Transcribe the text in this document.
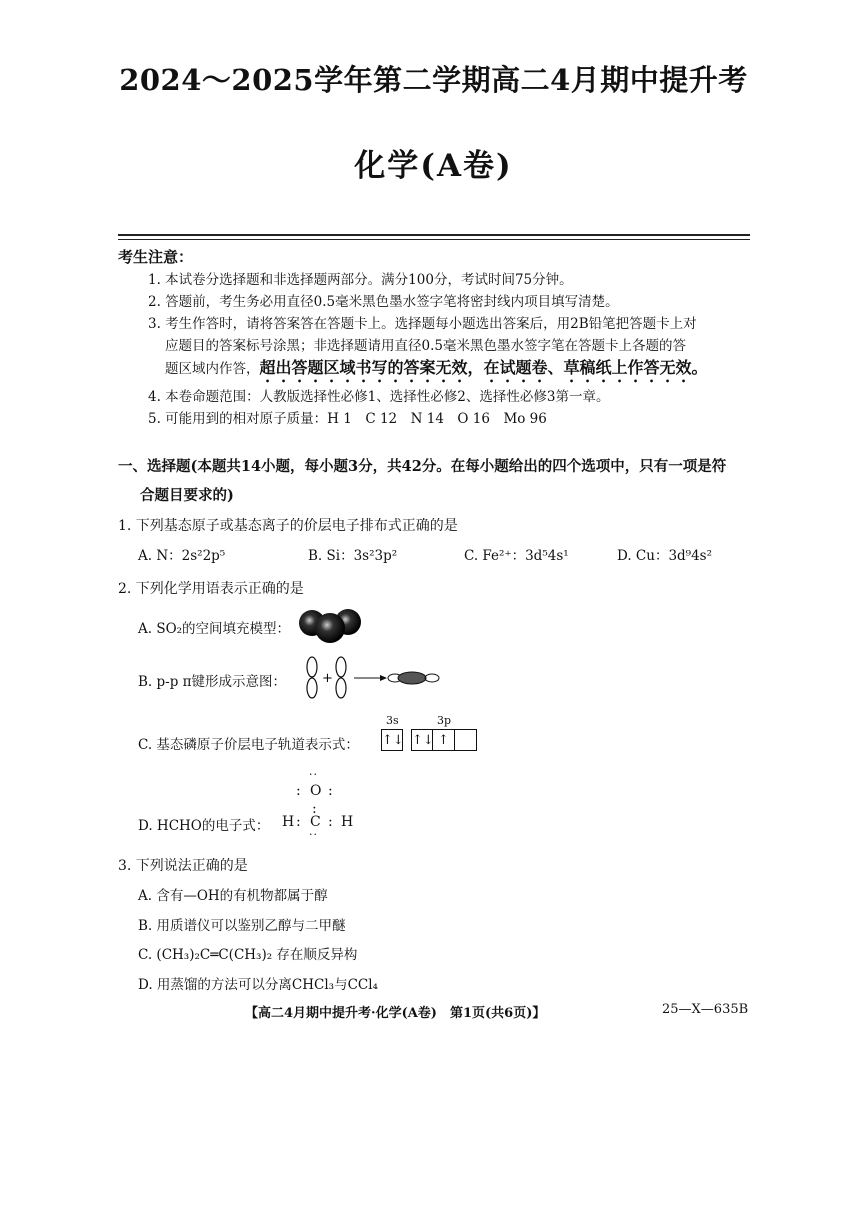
2024～2025学年第二学期高二4月期中提升考
化学(A卷)
考生注意：
1. 本试卷分选择题和非选择题两部分。满分100分，考试时间75分钟。
2. 答题前，考生务必用直径0.5毫米黑色墨水签字笔将密封线内项目填写清楚。
3. 考生作答时，请将答案答在答题卡上。选择题每小题选出答案后，用2B铅笔把答题卡上对
应题目的答案标号涂黑；非选择题请用直径0.5毫米黑色墨水签字笔在答题卡上各题的答
题区域内作答，超出答题区域书写的答案无效，在试题卷、草稿纸上作答无效。
4. 本卷命题范围：人教版选择性必修1、选择性必修2、选择性必修3第一章。
5. 可能用到的相对原子质量：H 1　C 12　N 14　O 16　Mo 96
一、选择题(本题共14小题，每小题3分，共42分。在每小题给出的四个选项中，只有一项是符
合题目要求的)
1. 下列基态原子或基态离子的价层电子排布式正确的是
A. N：2s²2p⁵	B. Si：3s²3p²	C. Fe²⁺：3d⁵4s¹	D. Cu：3d⁹4s²
2. 下列化学用语表示正确的是
A. SO₂的空间填充模型：
B. p-p π键形成示意图：	+
C. 基态磷原子价层电子轨道表示式：
3s	3p
↑↓ ↑↓ ↑
D. HCHO的电子式：
··
: O :
:
H : C : H
··
3. 下列说法正确的是
A. 含有—OH的有机物都属于醇
B. 用质谱仪可以鉴别乙醇与二甲醚
C. (CH₃)₂C═C(CH₃)₂ 存在顺反异构
D. 用蒸馏的方法可以分离CHCl₃与CCl₄
【高二4月期中提升考·化学(A卷)　第1页(共6页)】	25—X—635B
